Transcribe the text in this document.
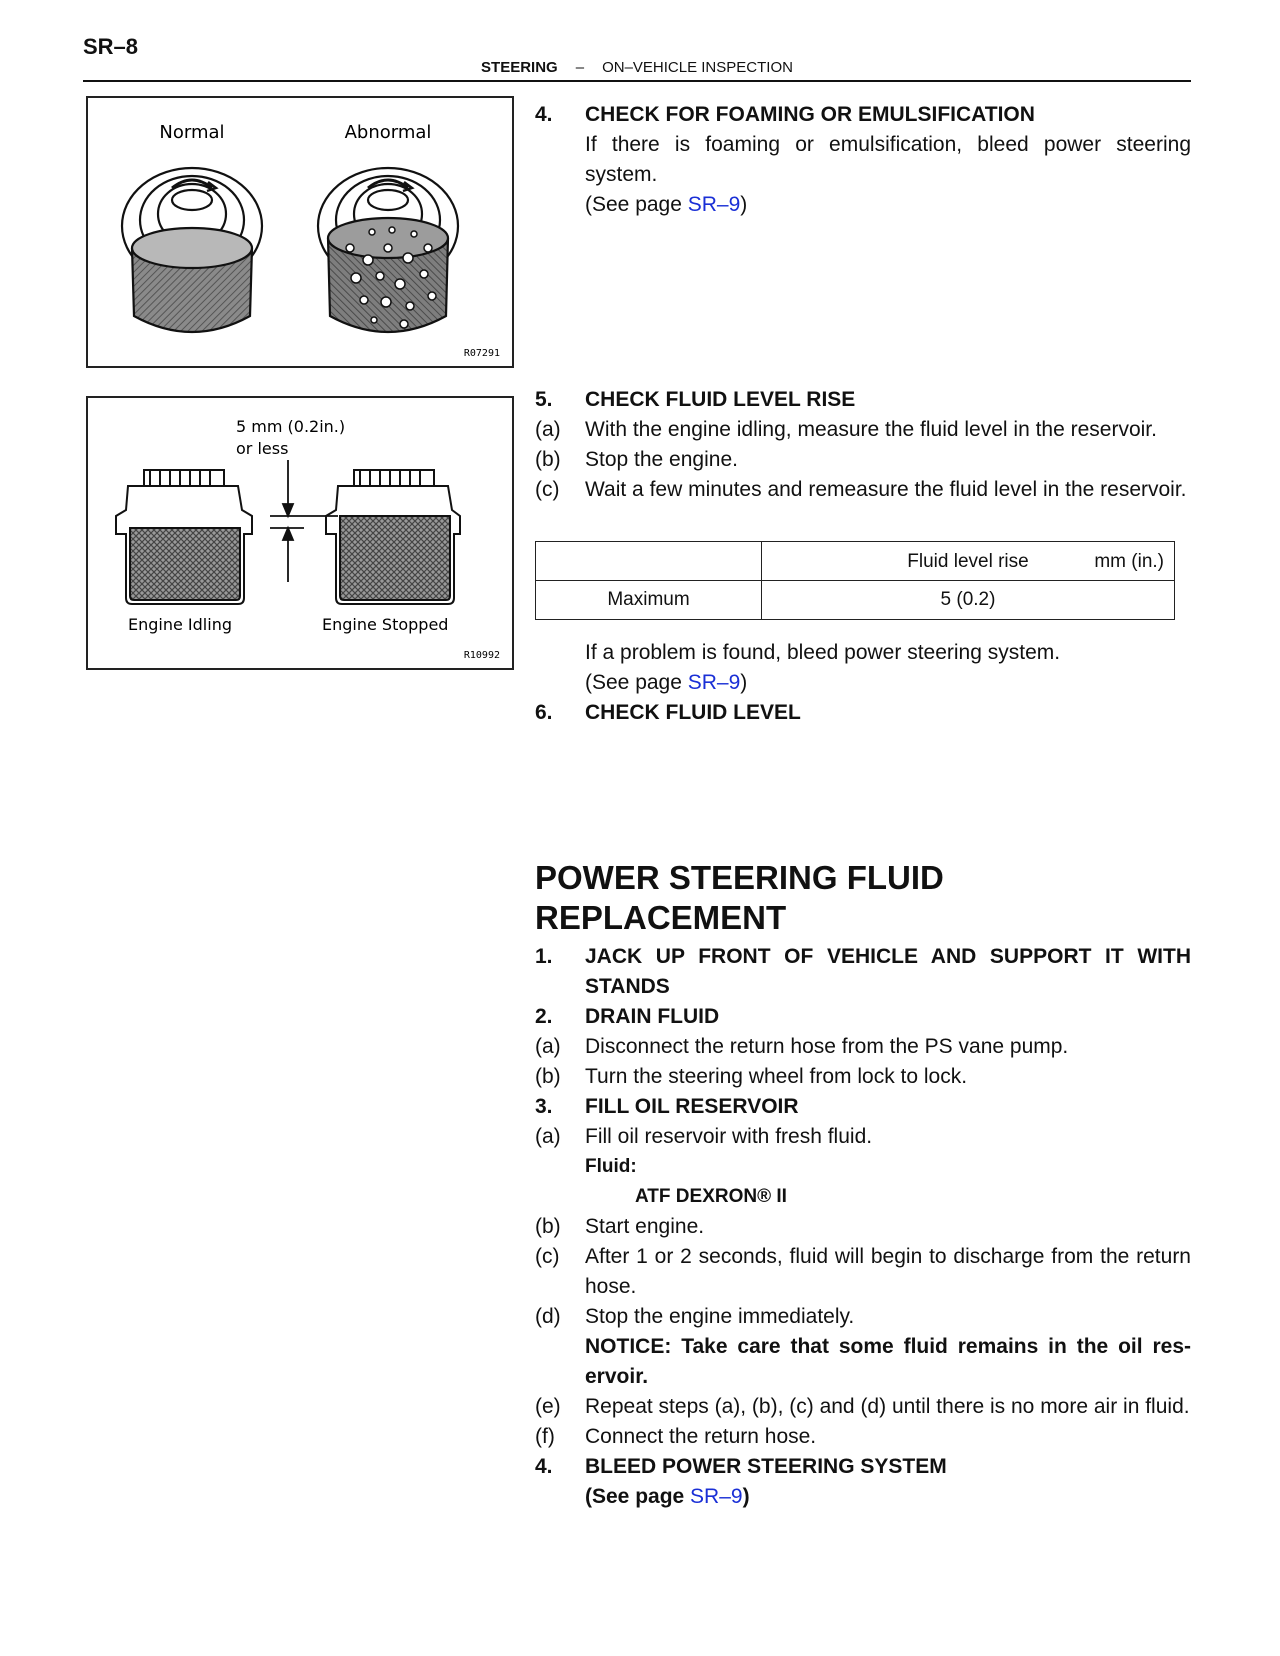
SR–8
STEERING – ON–VEHICLE INSPECTION
Normal	Abnormal
R07291
5 mm (0.2in.)
or less
Engine Idling	Engine Stopped
R10992
4. CHECK FOR FOAMING OR EMULSIFICATION
If there is foaming or emulsification, bleed power steering system.
(See page SR–9)
5. CHECK FLUID LEVEL RISE
(a) With the engine idling, measure the fluid level in the reservoir.
(b) Stop the engine.
(c) Wait a few minutes and remeasure the fluid level in the reservoir.

	Fluid level rise mm (in.)

Maximum	5 (0.2)
If a problem is found, bleed power steering system.
(See page SR–9)
6. CHECK FLUID LEVEL
POWER STEERING FLUID
REPLACEMENT
1. JACK UP FRONT OF VEHICLE AND SUPPORT IT WITH STANDS
2. DRAIN FLUID
(a) Disconnect the return hose from the PS vane pump.
(b) Turn the steering wheel from lock to lock.
3. FILL OIL RESERVOIR
(a) Fill oil reservoir with fresh fluid.
Fluid:
ATF DEXRON® II
(b) Start engine.
(c) After 1 or 2 seconds, fluid will begin to discharge from the return hose.
(d) Stop the engine immediately.
NOTICE: Take care that some fluid remains in the oil res-ervoir.
(e) Repeat steps (a), (b), (c) and (d) until there is no more air in fluid.
(f) Connect the return hose.
4. BLEED POWER STEERING SYSTEM
(See page SR–9)
